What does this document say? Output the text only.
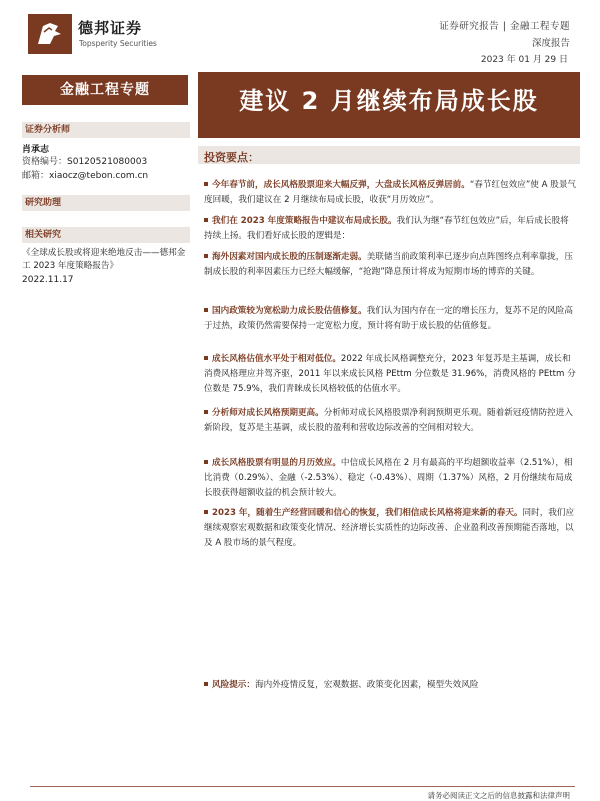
德邦证券
Topsperity Securities
证券研究报告 | 金融工程专题
深度报告
2023 年 01 月 29 日
金融工程专题	建议 2 月继续布局成长股
证券分析师
肖承志
资格编号：S0120521080003
邮箱：xiaocz@tebon.com.cn
研究助理
相关研究
《全球成长股或将迎来绝地反击——德邦金工 2023 年度策略报告》
2022.11.17
投资要点：
今年春节前，成长风格股票迎来大幅反弹，大盘成长风格反弹居前。“春节红包效应”使 A 股景气度回暖，我们建议在 2 月继续布局成长股，收获“月历效应”。
我们在 2023 年度策略报告中建议布局成长股。我们认为继“春节红包效应”后，年后成长股将持续上扬。我们看好成长股的逻辑是：
海外因素对国内成长股的压制逐渐走弱。美联储当前政策利率已逐步向点阵图终点利率靠拢，压制成长股的利率因素压力已经大幅缓解，“抢跑”降息预计将成为短期市场的博弈的关键。
国内政策较为宽松助力成长股估值修复。我们认为国内存在一定的增长压力，复苏不足的风险高于过热，政策仍然需要保持一定宽松力度，预计将有助于成长股的估值修复。
成长风格估值水平处于相对低位。2022 年成长风格调整充分，2023 年复苏是主基调，成长和消费风格理应并驾齐驱，2011 年以来成长风格 PEttm 分位数是 31.96%，消费风格的 PEttm 分位数是 75.9%，我们青睐成长风格较低的估值水平。
分析师对成长风格预期更高。分析师对成长风格股票净利润预期更乐观。随着新冠疫情防控进入新阶段，复苏是主基调，成长股的盈利和营收边际改善的空间相对较大。
成长风格股票有明显的月历效应。中信成长风格在 2 月有最高的平均超额收益率（2.51%），相比消费（0.29%）、金融（-2.53%）、稳定（-0.43%）、周期（1.37%）风格，2 月份继续布局成长股获得超额收益的机会预计较大。
2023 年，随着生产经营回暖和信心的恢复，我们相信成长风格将迎来新的春天。同时，我们应继续观察宏观数据和政策变化情况、经济增长实质性的边际改善、企业盈利改善预期能否落地，以及 A 股市场的景气程度。
风险提示：海内外疫情反复，宏观数据、政策变化因素，模型失效风险
请务必阅读正文之后的信息披露和法律声明
